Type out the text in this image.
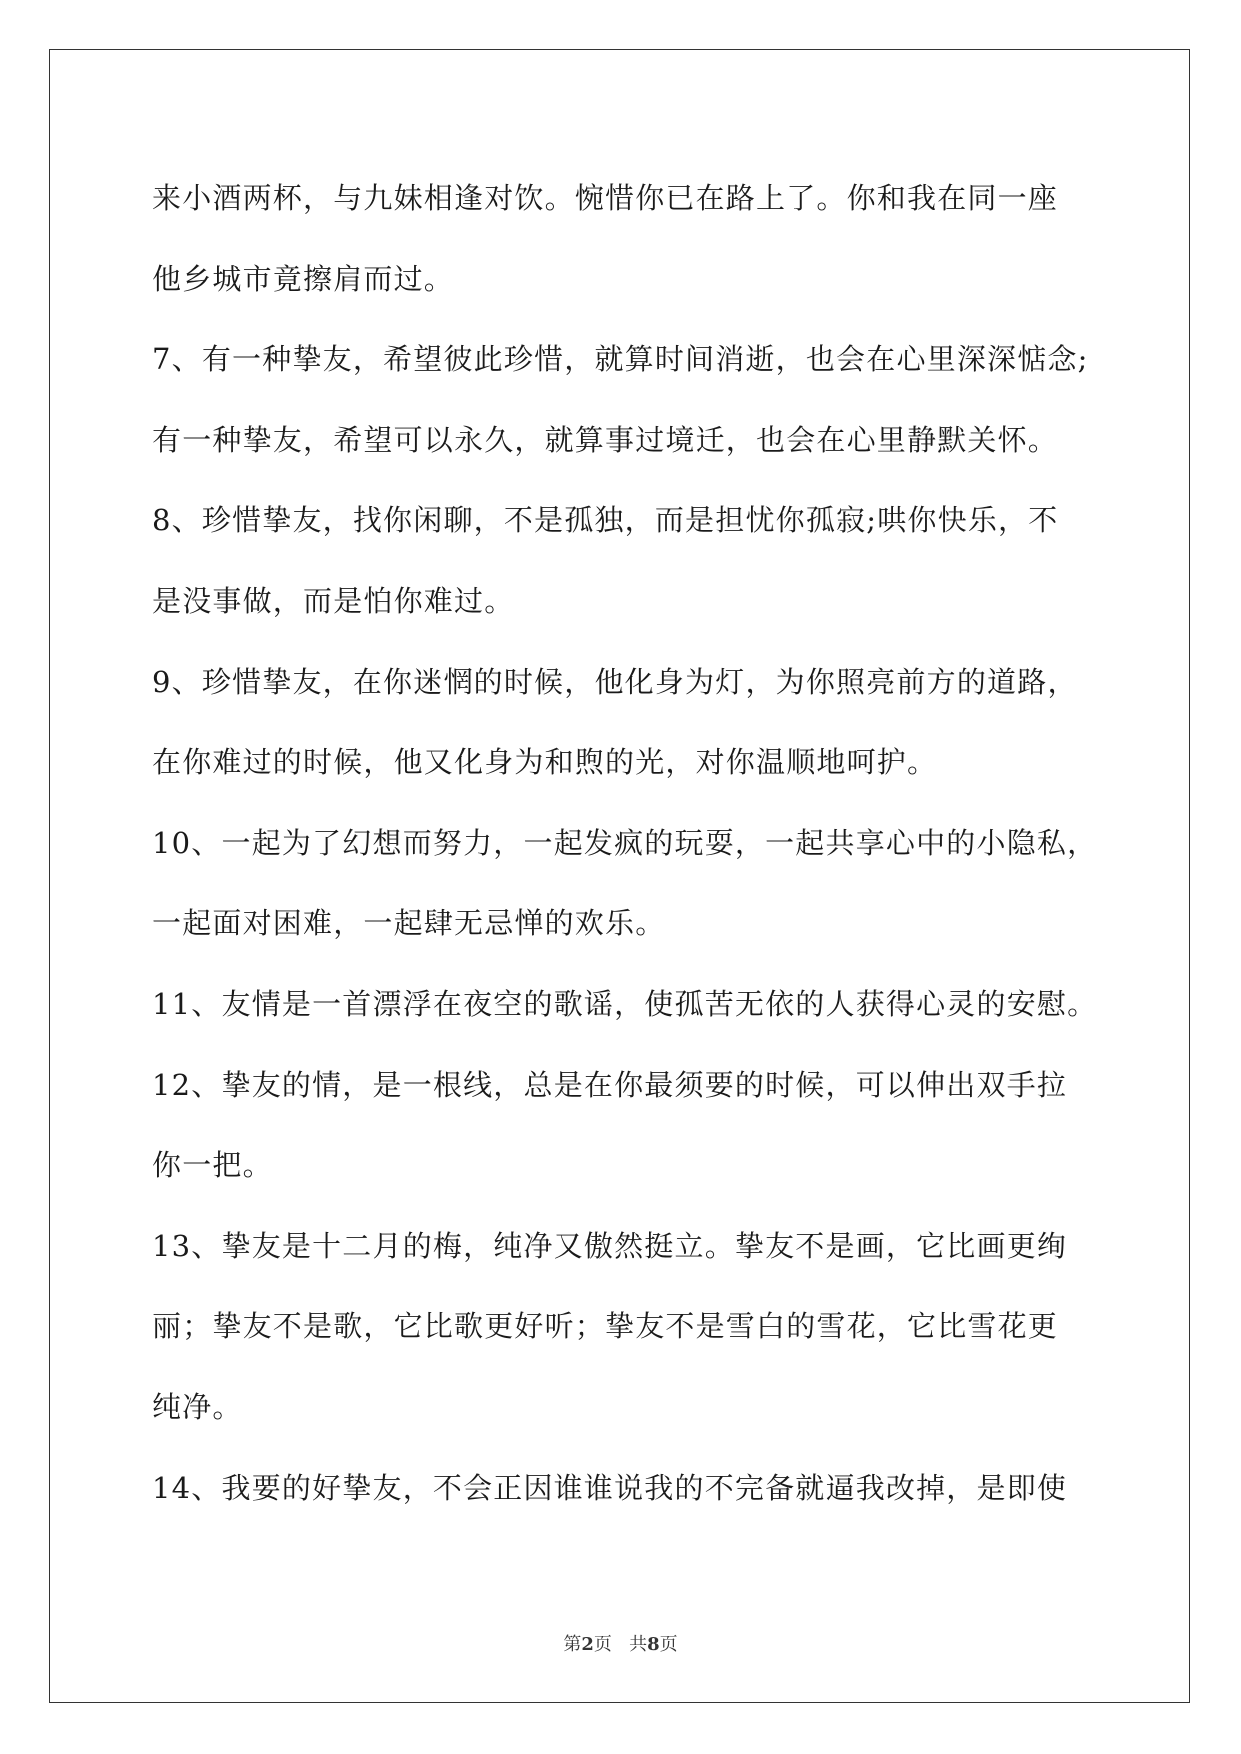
来小酒两杯，与九妹相逢对饮。惋惜你已在路上了。你和我在同一座
他乡城市竟擦肩而过。
7、有一种挚友，希望彼此珍惜，就算时间消逝，也会在心里深深惦念;
有一种挚友，希望可以永久，就算事过境迁，也会在心里静默关怀。
8、珍惜挚友，找你闲聊，不是孤独，而是担忧你孤寂;哄你快乐，不
是没事做，而是怕你难过。
9、珍惜挚友，在你迷惘的时候，他化身为灯，为你照亮前方的道路，
在你难过的时候，他又化身为和煦的光，对你温顺地呵护。
10、一起为了幻想而努力，一起发疯的玩耍，一起共享心中的小隐私，
一起面对困难，一起肆无忌惮的欢乐。
11、友情是一首漂浮在夜空的歌谣，使孤苦无依的人获得心灵的安慰。
12、挚友的情，是一根线，总是在你最须要的时候，可以伸出双手拉
你一把。
13、挚友是十二月的梅，纯净又傲然挺立。挚友不是画，它比画更绚
丽；挚友不是歌，它比歌更好听；挚友不是雪白的雪花，它比雪花更
纯净。
14、我要的好挚友，不会正因谁谁说我的不完备就逼我改掉，是即使
第2页 共8页
